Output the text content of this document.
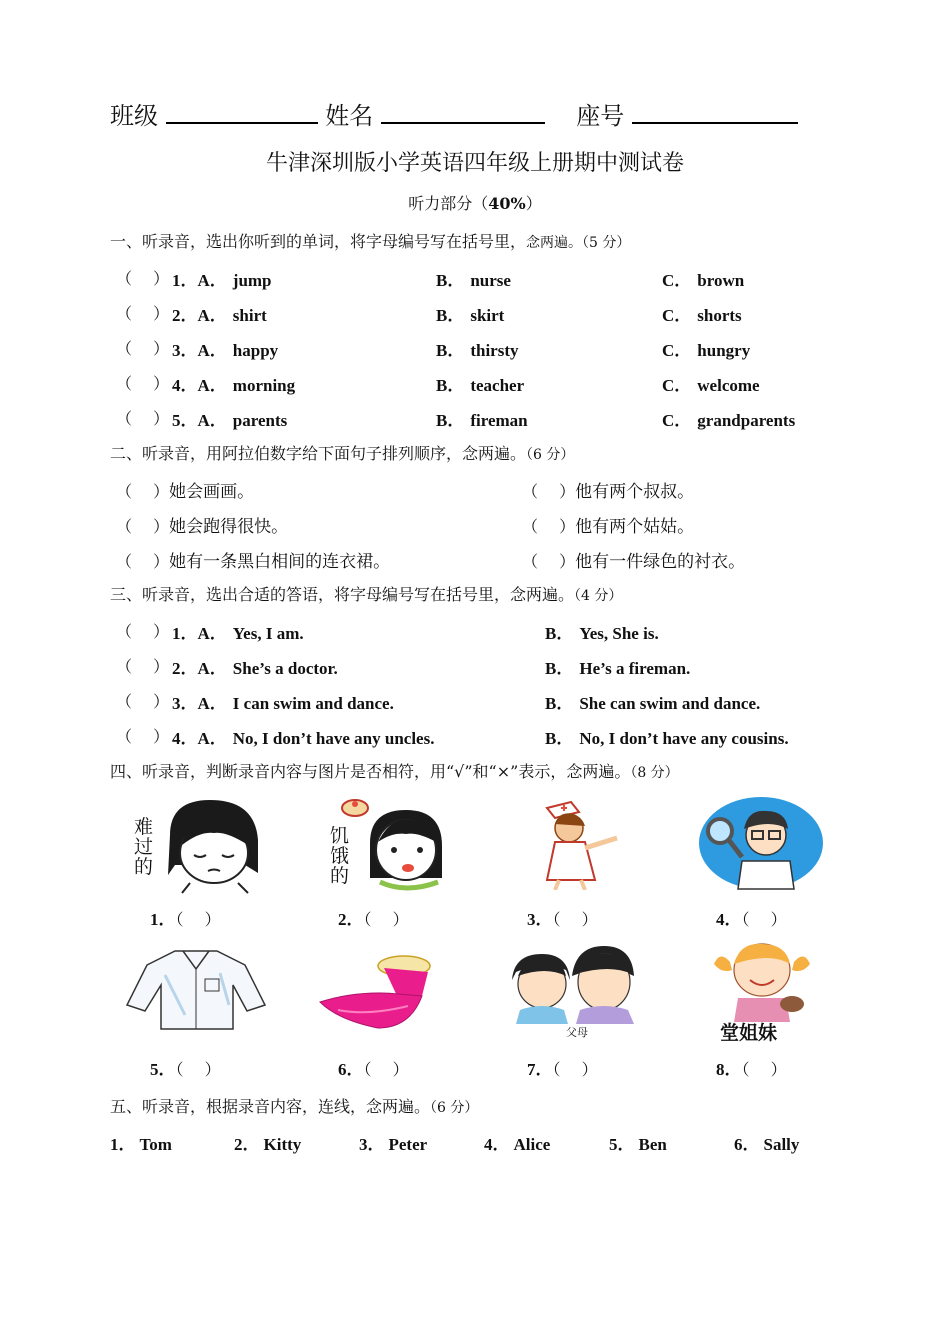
班级	姓名	座号
牛津深圳版小学英语四年级上册期中测试卷
听力部分（40%）
一、听录音，选出你听到的单词，将字母编号写在括号里，念两遍。（5 分）
（　 ） 1．A． jump	B． nurse	C． brown
（　 ） 2．A． shirt	B． skirt	C． shorts
（　 ） 3．A． happy	B． thirsty	C． hungry
（　 ） 4．A． morning	B． teacher	C． welcome
（　 ） 5．A． parents	B． fireman	C． grandparents
二、听录音，用阿拉伯数字给下面句子排列顺序，念两遍。（6 分）
（　 ）她会画画。	（　 ）他有两个叔叔。
（　 ）她会跑得很快。	（　 ）他有两个姑姑。
（　 ）她有一条黑白相间的连衣裙。	（　 ）他有一件绿色的衬衣。
三、听录音，选出合适的答语，将字母编号写在括号里，念两遍。（4 分）
（　 ） 1．A． Yes, I am.	B． Yes, She is.
（　 ） 2．A． She’s a doctor.	B． He’s a fireman.
（　 ） 3．A． I can swim and dance.	B． She can swim and dance.
（　 ） 4．A． No, I don’t have any uncles.	B． No, I don’t have any cousins.
四、听录音，判断录音内容与图片是否相符，用“√”和“×”表示，念两遍。（8 分）
难过的
饥饿的
1．（　 ）	2．（　 ）	3．（　 ）	4．（　 ）
父母	堂姐妹
5．（　 ）	6．（　 ）	7．（　 ）	8．（　 ）
五、听录音，根据录音内容，连线，念两遍。（6 分）
1． Tom	2． Kitty	3． Peter	4． Alice	5． Ben	6． Sally
